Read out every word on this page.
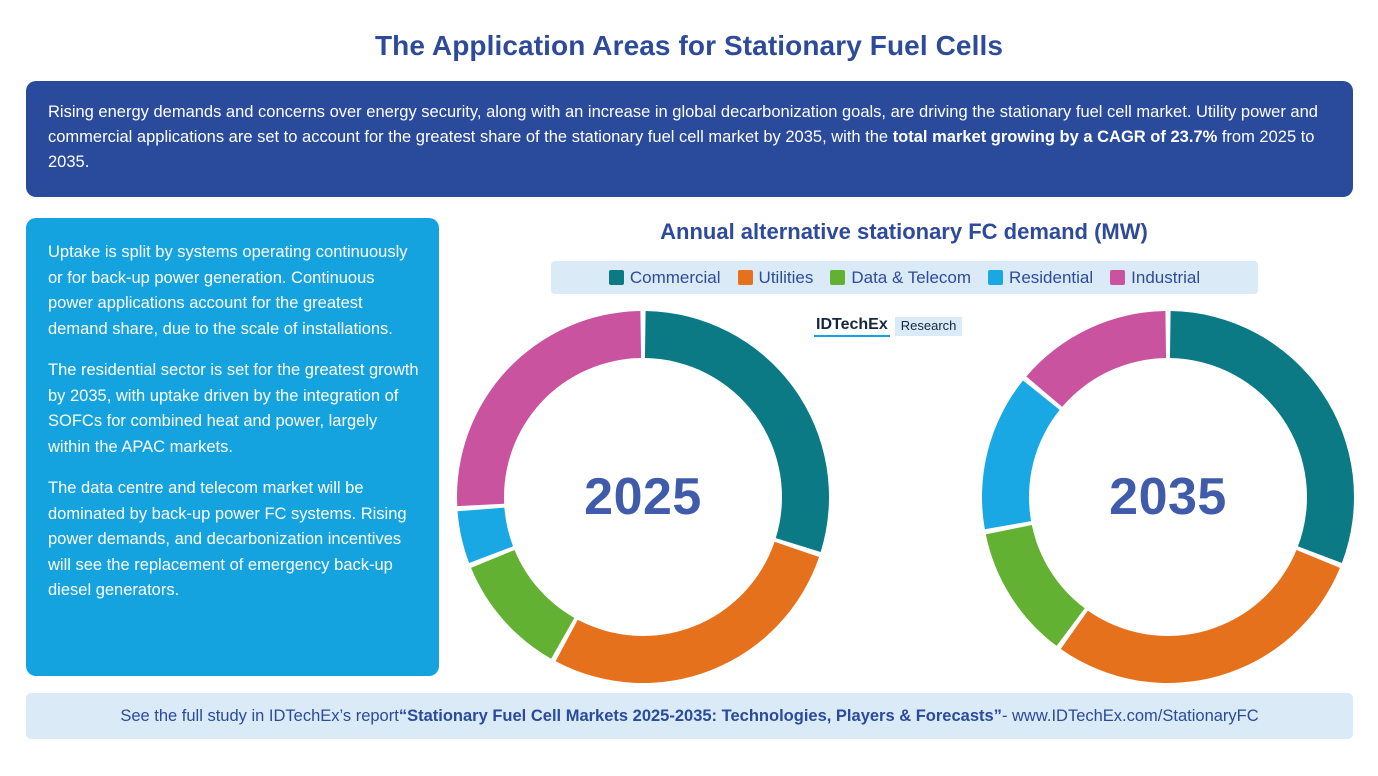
The Application Areas for Stationary Fuel Cells
Rising energy demands and concerns over energy security, along with an increase in global decarbonization goals, are driving the stationary fuel cell market. Utility power and commercial applications are set to account for the greatest share of the stationary fuel cell market by 2035, with the total market growing by a CAGR of 23.7% from 2025 to 2035.

Uptake is split by systems operating continuously or for back-up power generation. Continuous power applications account for the greatest demand share, due to the scale of installations.

The residential sector is set for the greatest growth by 2035, with uptake driven by the integration of SOFCs for combined heat and power, largely within the APAC markets.

The data centre and telecom market will be dominated by back-up power FC systems. Rising power demands, and decarbonization incentives will see the replacement of emergency back-up diesel generators.

Annual alternative stationary FC demand (MW)
Commercial Utilities Data & Telecom Residential Industrial
IDTechEx	Research
2025	2035
See the full study in IDTechEx’s report “Stationary Fuel Cell Markets 2025-2035: Technologies, Players & Forecasts” - www.IDTechEx.com/StationaryFC
